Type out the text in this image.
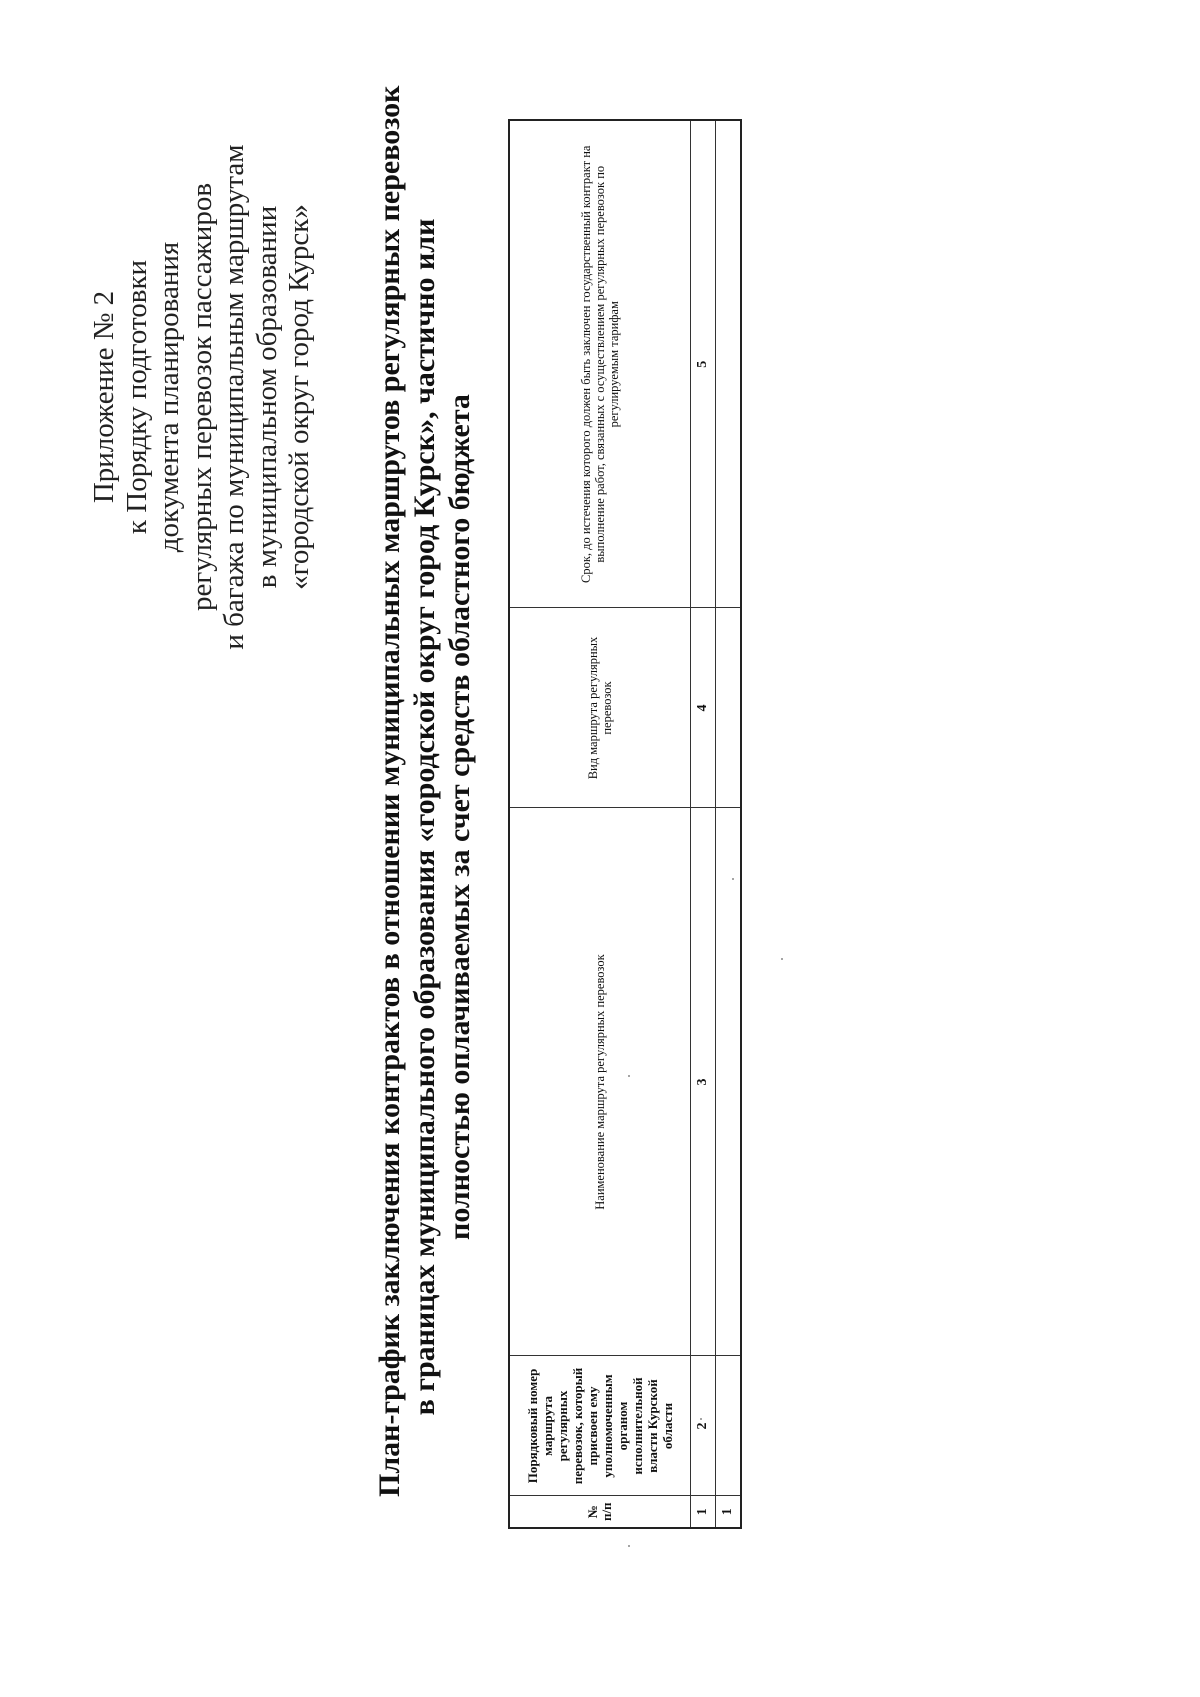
Приложение № 2 к Порядку подготовки документа планирования регулярных перевозок пассажиров и багажа по муниципальным маршрутам в муниципальном образовании «городской округ город Курск» План-график заключения контрактов в отношении муниципальных маршрутов регулярных перевозок в границах муниципального образования «городской округ город Курск», частично или полностью оплачиваемых за счет средств областного бюджета
№ п/п	Порядковый номер маршрута регулярных перевозок, который присвоен ему уполномоченным органом исполнительной власти Курской области	Наименование маршрута регулярных перевозок	Вид маршрута регулярных перевозок	Срок, до истечения которого должен быть заключен государственный контракт на выполнение работ, связанных с осуществлением регулярных перевозок по регулируемым тарифам
1	2	3	4	5
1				
